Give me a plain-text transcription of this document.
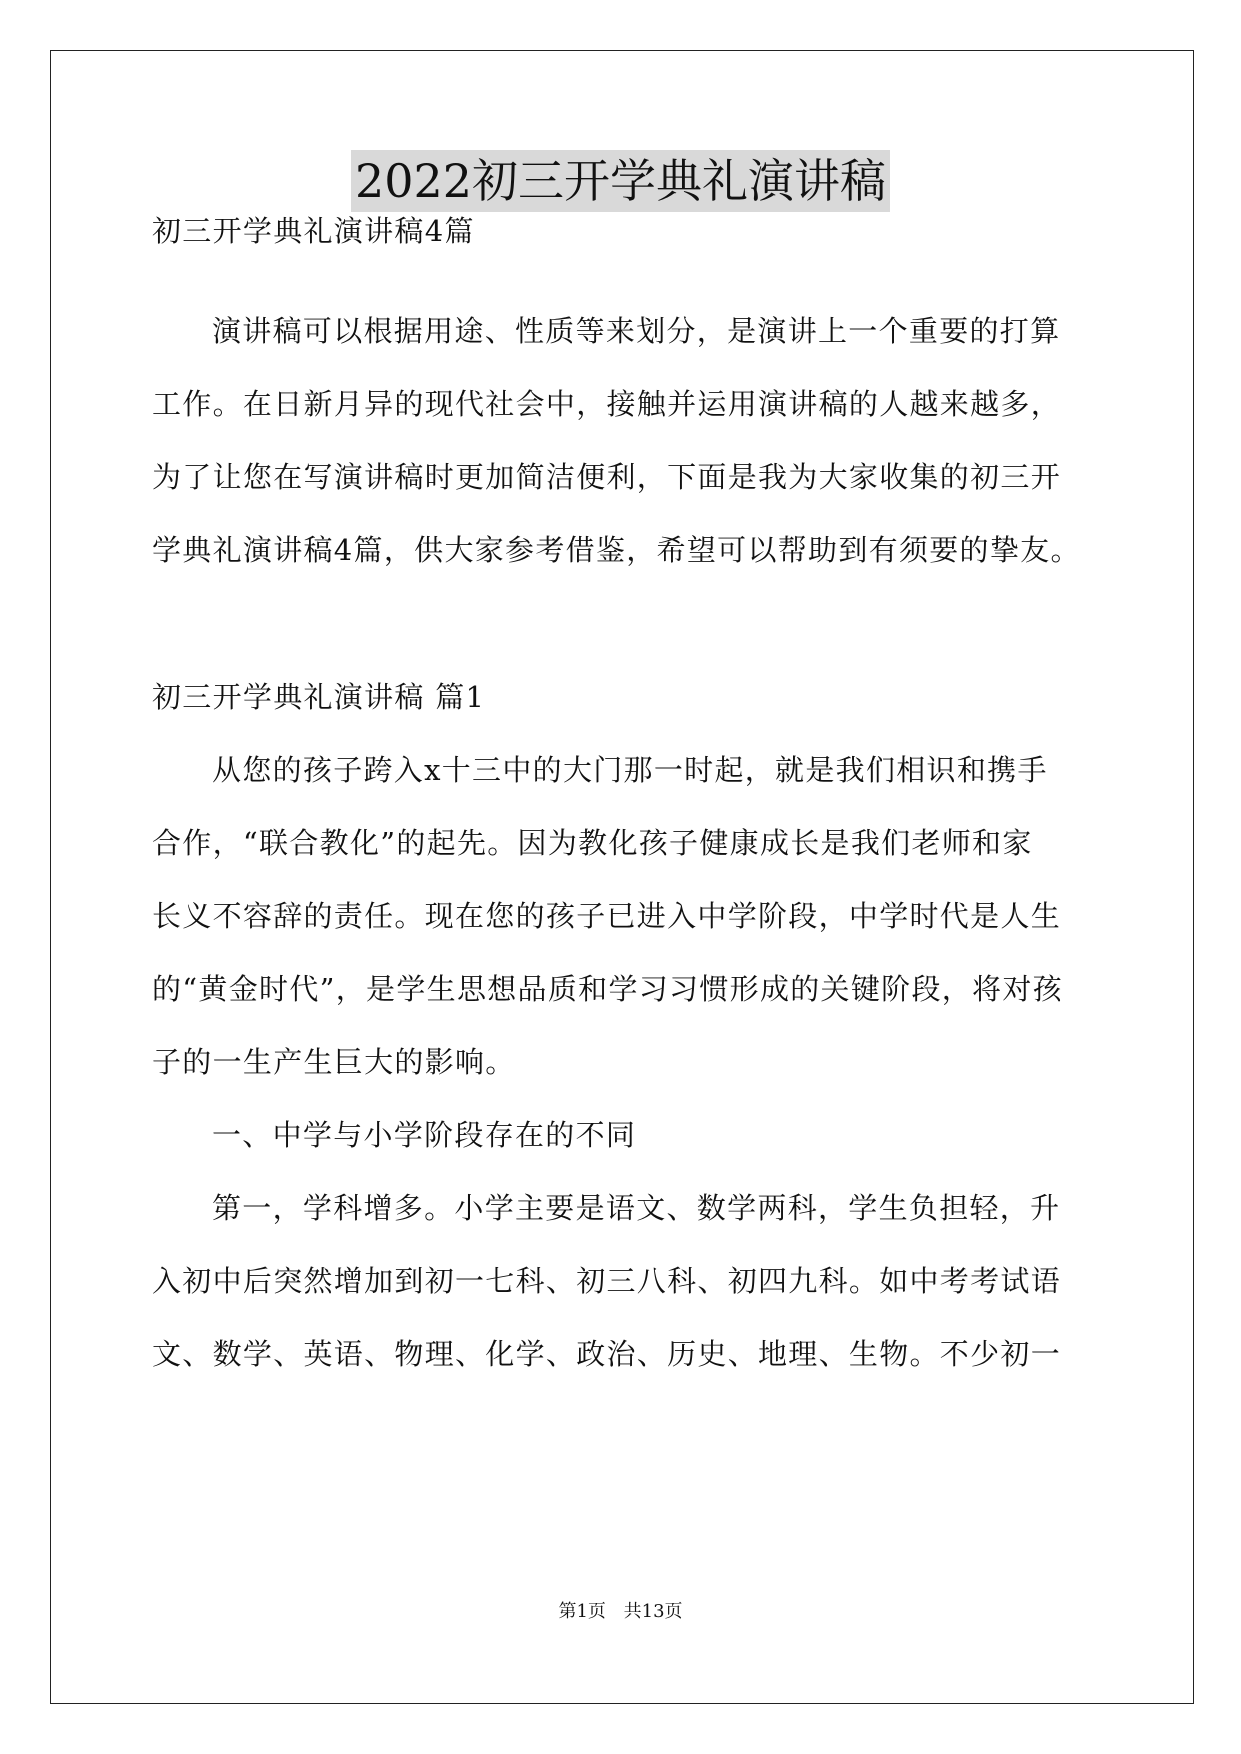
2022初三开学典礼演讲稿
初三开学典礼演讲稿4篇
演讲稿可以根据用途、性质等来划分，是演讲上一个重要的打算
工作。在日新月异的现代社会中，接触并运用演讲稿的人越来越多，
为了让您在写演讲稿时更加简洁便利，下面是我为大家收集的初三开
学典礼演讲稿4篇，供大家参考借鉴，希望可以帮助到有须要的挚友。
初三开学典礼演讲稿 篇1
从您的孩子跨入x十三中的大门那一时起，就是我们相识和携手
合作，“联合教化”的起先。因为教化孩子健康成长是我们老师和家
长义不容辞的责任。现在您的孩子已进入中学阶段，中学时代是人生
的“黄金时代”，是学生思想品质和学习习惯形成的关键阶段，将对孩
子的一生产生巨大的影响。
一、中学与小学阶段存在的不同
第一，学科增多。小学主要是语文、数学两科，学生负担轻，升
入初中后突然增加到初一七科、初三八科、初四九科。如中考考试语
文、数学、英语、物理、化学、政治、历史、地理、生物。不少初一
第1页 共13页
